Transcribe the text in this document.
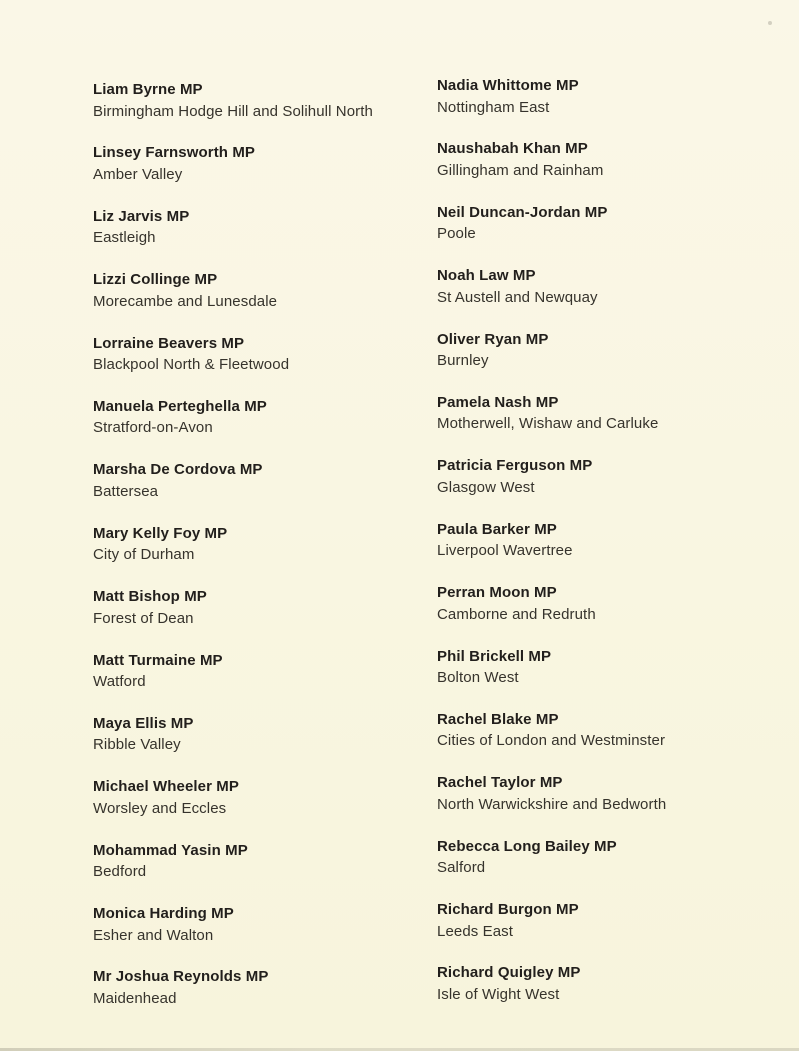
Liam Byrne MP
Birmingham Hodge Hill and Solihull North
Linsey Farnsworth MP
Amber Valley
Liz Jarvis MP
Eastleigh
Lizzi Collinge MP
Morecambe and Lunesdale
Lorraine Beavers MP
Blackpool North & Fleetwood
Manuela Perteghella MP
Stratford-on-Avon
Marsha De Cordova MP
Battersea
Mary Kelly Foy MP
City of Durham
Matt Bishop MP
Forest of Dean
Matt Turmaine MP
Watford
Maya Ellis MP
Ribble Valley
Michael Wheeler MP
Worsley and Eccles
Mohammad Yasin MP
Bedford
Monica Harding MP
Esher and Walton
Mr Joshua Reynolds MP
Maidenhead
Nadia Whittome MP
Nottingham East
Naushabah Khan MP
Gillingham and Rainham
Neil Duncan-Jordan MP
Poole
Noah Law MP
St Austell and Newquay
Oliver Ryan MP
Burnley
Pamela Nash MP
Motherwell, Wishaw and Carluke
Patricia Ferguson MP
Glasgow West
Paula Barker MP
Liverpool Wavertree
Perran Moon MP
Camborne and Redruth
Phil Brickell MP
Bolton West
Rachel Blake MP
Cities of London and Westminster
Rachel Taylor MP
North Warwickshire and Bedworth
Rebecca Long Bailey MP
Salford
Richard Burgon MP
Leeds East
Richard Quigley MP
Isle of Wight West
